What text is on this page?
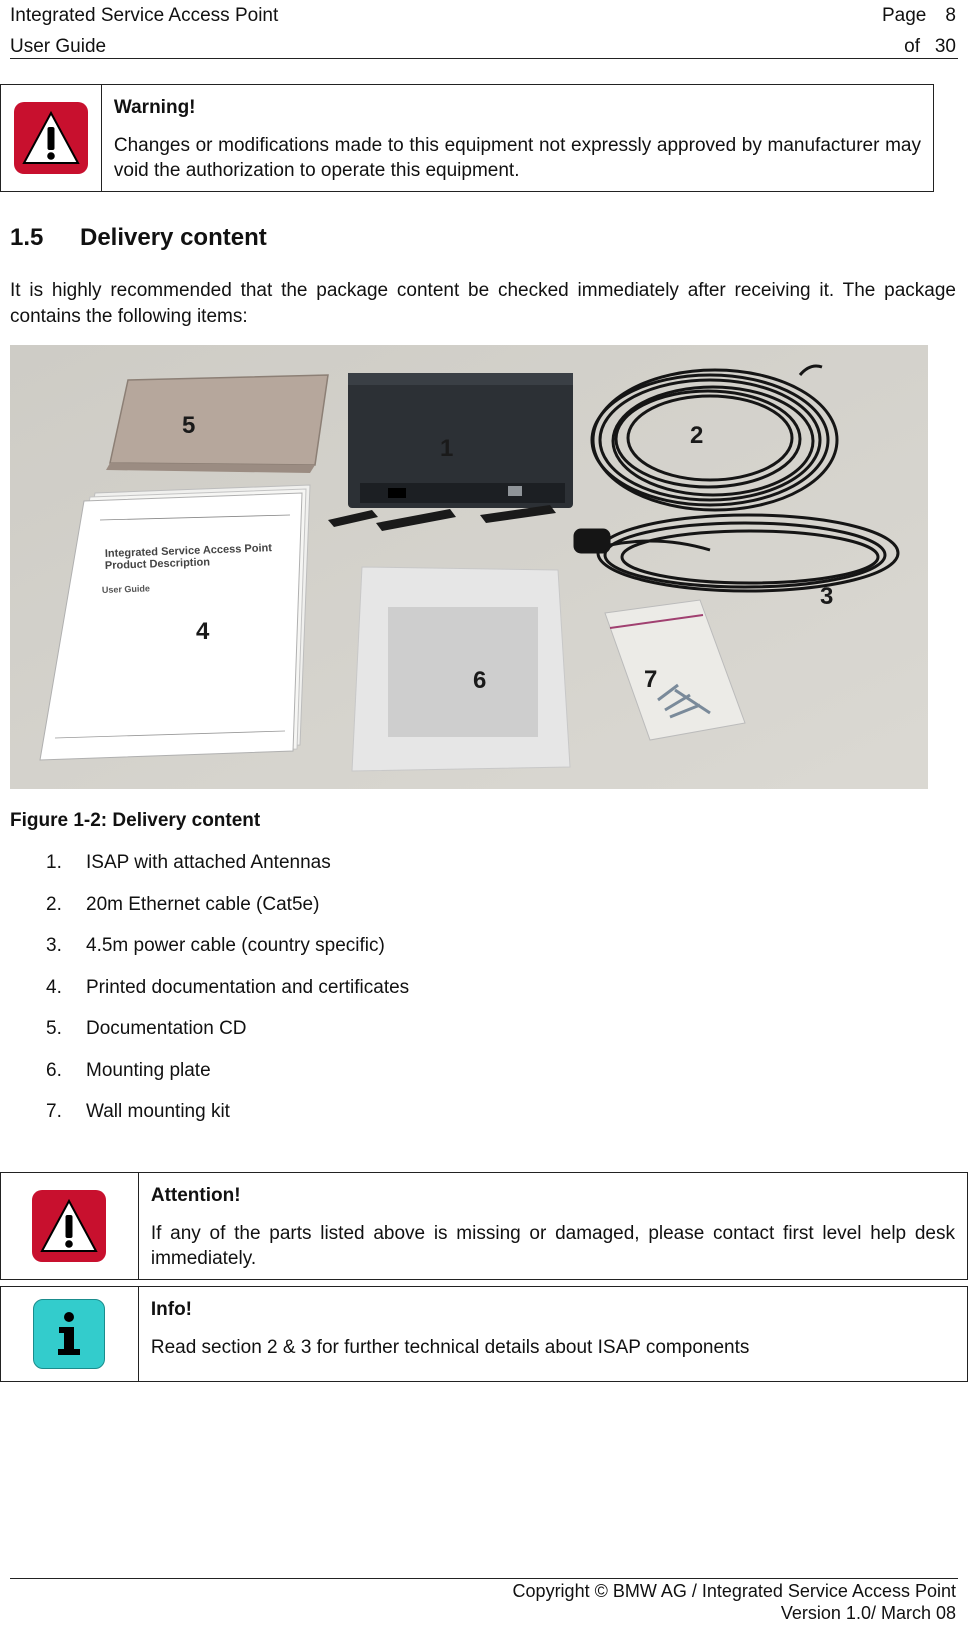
Integrated Service Access Point
User Guide
Page	8
of 30
Warning!
Changes or modifications made to this equipment not expressly approved by manufacturer may void the authorization to operate this equipment.
1.5 Delivery content
It is highly recommended that the package content be checked immediately after receiving it. The package contains the following items:
Integrated Service Access Point
Product Description
User Guide
1	2
3
4
5
6	7
Figure 1-2: Delivery content
1.	ISAP with attached Antennas
2.	20m Ethernet cable (Cat5e)
3.	4.5m power cable (country specific)
4.	Printed documentation and certificates
5.	Documentation CD
6.	Mounting plate
7.	Wall mounting kit
Attention!
If any of the parts listed above is missing or damaged, please contact first level help desk immediately.
Info!
Read section 2 & 3 for further technical details about ISAP components
Copyright © BMW AG / Integrated Service Access Point
Version 1.0/ March 08
